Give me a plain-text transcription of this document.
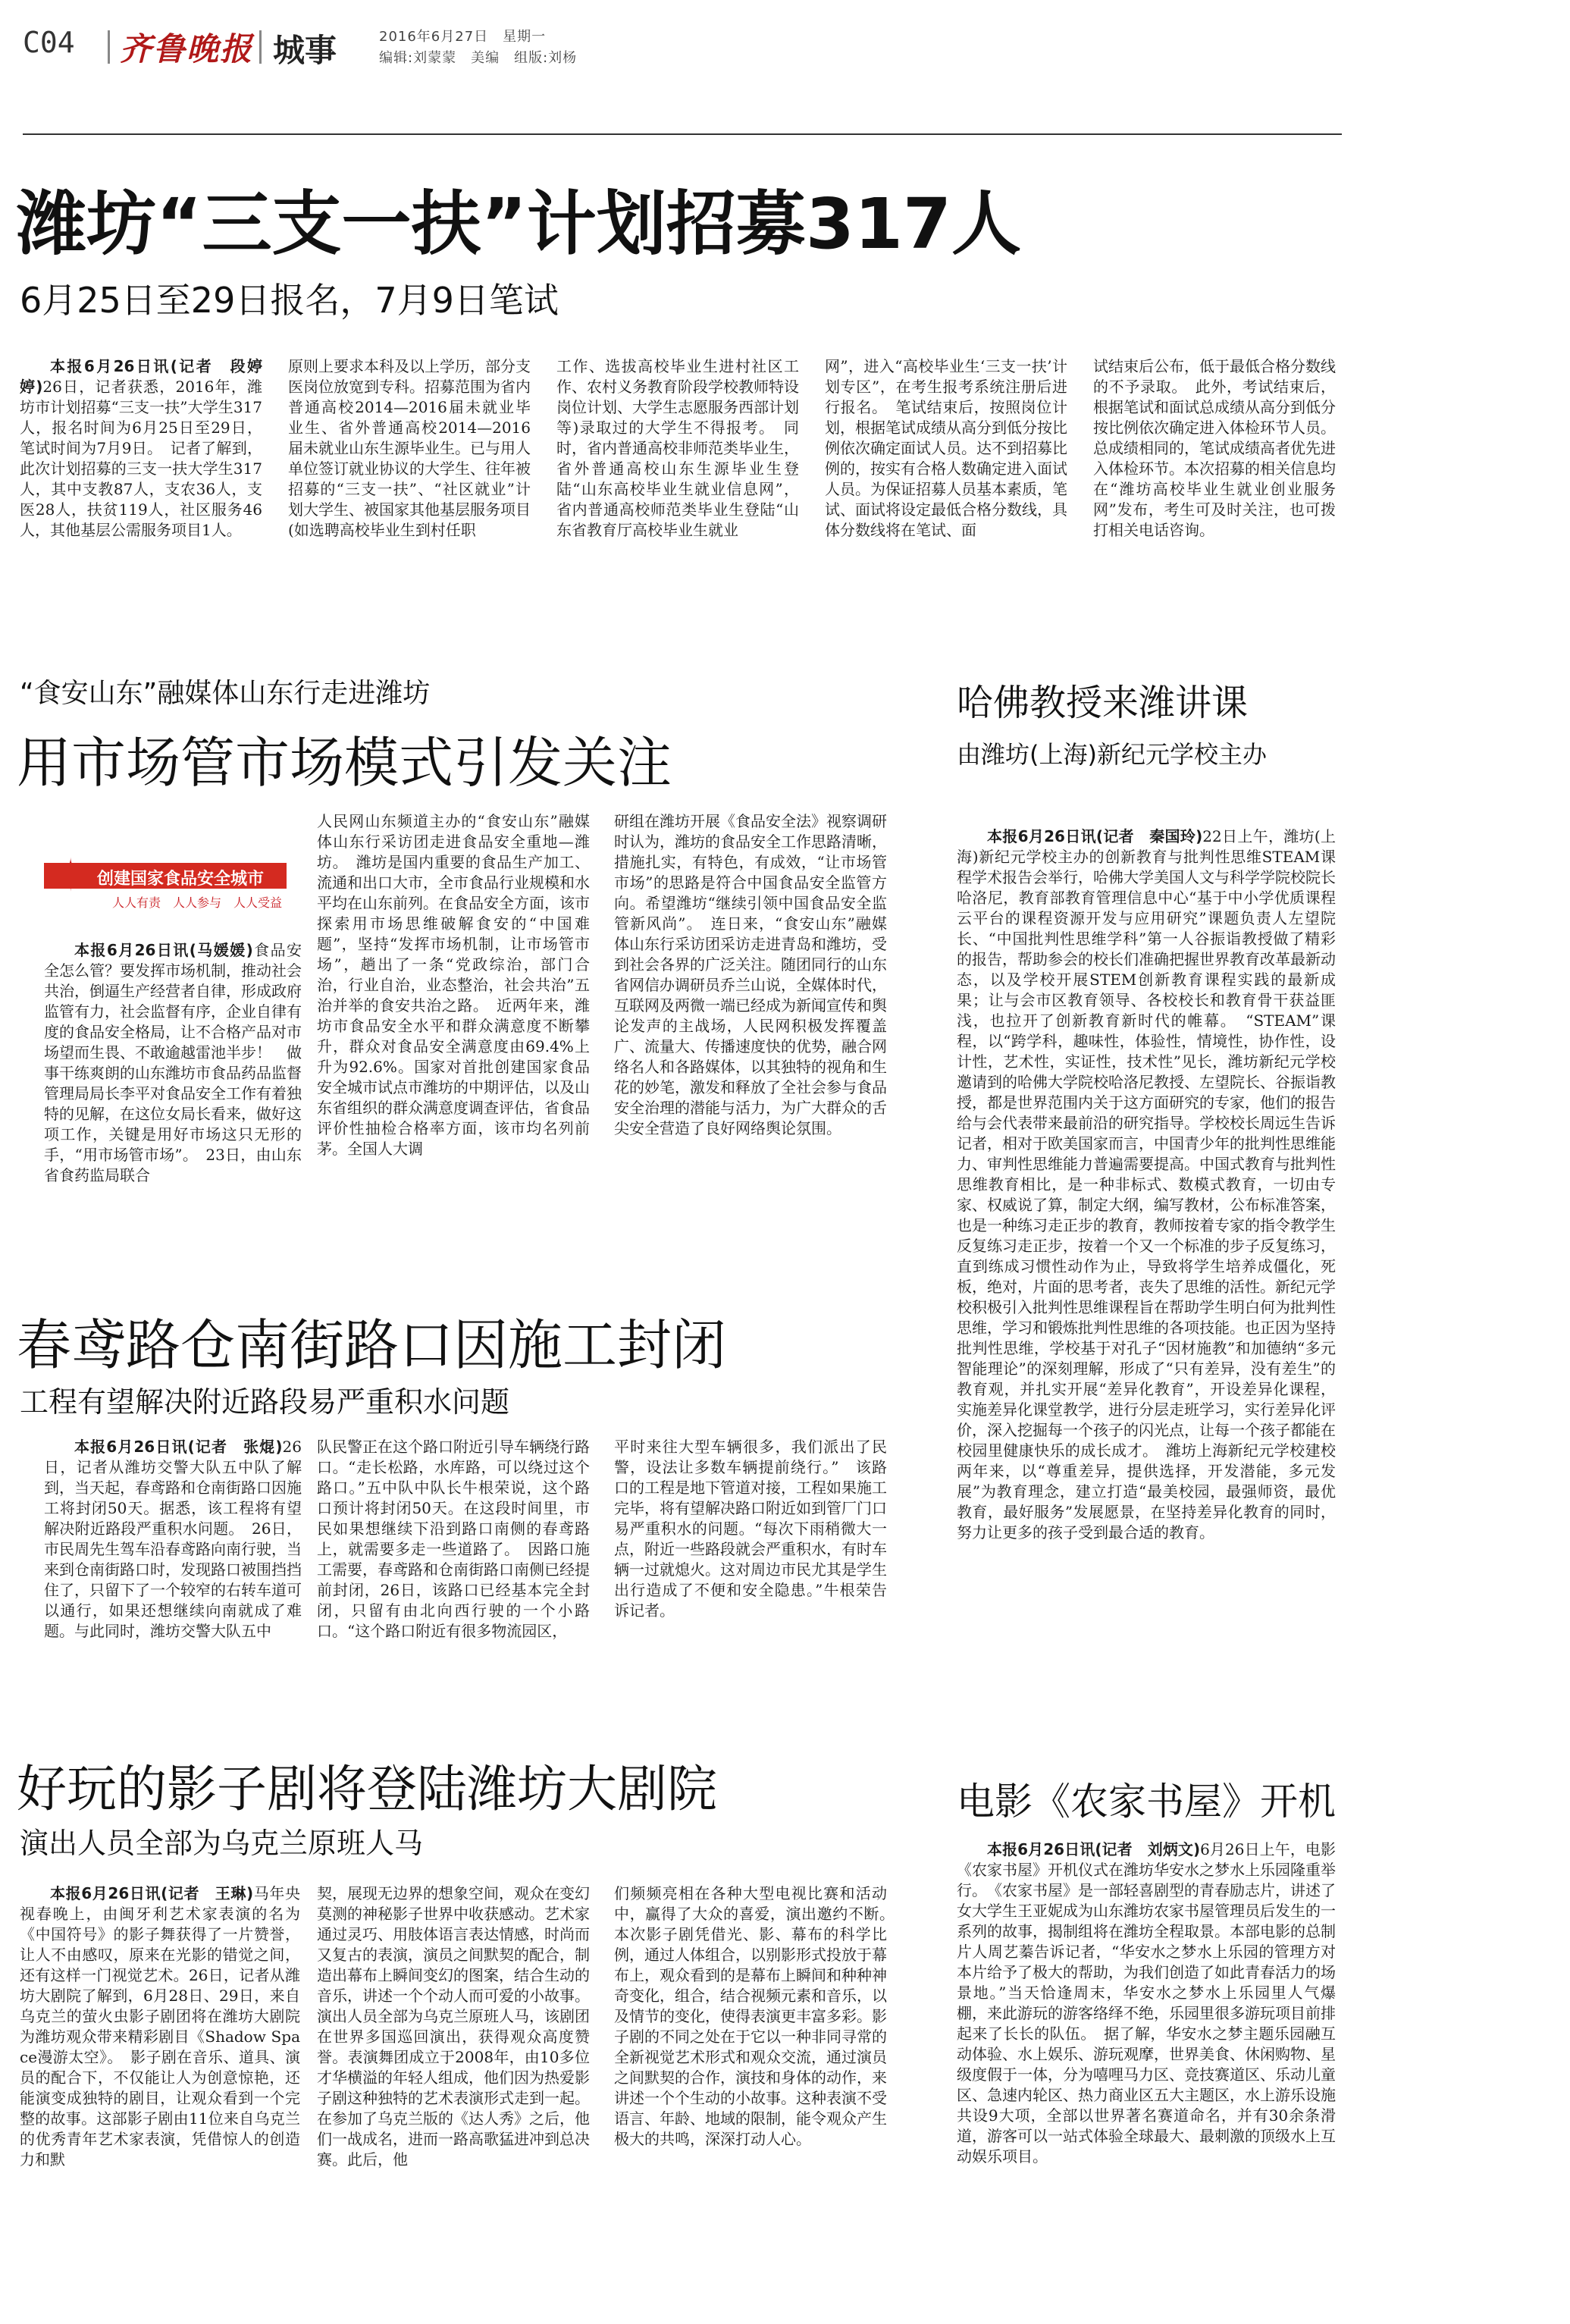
C04 齐鲁晚报 城事	2016年6月27日　星期一
编辑:刘蒙蒙　美编　组版:刘杨
潍坊“三支一扶”计划招募317人
6月25日至29日报名，7月9日笔试

本报6月26日讯(记者　段婷婷)26日，记者获悉，2016年，潍坊市计划招募“三支一扶”大学生317人，报名时间为6月25日至29日，笔试时间为7月9日。　记者了解到，此次计划招募的三支一扶大学生317人，其中支教87人，支农36人，支医28人，扶贫119人，社区服务46人，其他基层公需服务项目1人。

原则上要求本科及以上学历，部分支医岗位放宽到专科。招募范围为省内普通高校2014—2016届未就业毕业生、省外普通高校2014—2016届未就业山东生源毕业生。已与用人单位签订就业协议的大学生、往年被招募的“三支一扶”、“社区就业”计划大学生、被国家其他基层服务项目(如选聘高校毕业生到村任职
工作、选拔高校毕业生进村社区工作、农村义务教育阶段学校教师特设岗位计划、大学生志愿服务西部计划等)录取过的大学生不得报考。　同时，省内普通高校非师范类毕业生，省外普通高校山东生源毕业生登陆“山东高校毕业生就业信息网”，省内普通高校师范类毕业生登陆“山东省教育厅高校毕业生就业
网”，进入“高校毕业生‘三支一扶’计划专区”，在考生报考系统注册后进行报名。　笔试结束后，按照岗位计划，根据笔试成绩从高分到低分按比例依次确定面试人员。达不到招募比例的，按实有合格人数确定进入面试人员。为保证招募人员基本素质，笔试、面试将设定最低合格分数线，具体分数线将在笔试、面
试结束后公布，低于最低合格分数线的不予录取。　此外，考试结束后，根据笔试和面试总成绩从高分到低分按比例依次确定进入体检环节人员。总成绩相同的，笔试成绩高者优先进入体检环节。本次招募的相关信息均在“潍坊高校毕业生就业创业服务网”发布，考生可及时关注，也可拨打相关电话咨询。
“食安山东”融媒体山东行走进潍坊
用市场管市场模式引发关注
创建国家食品安全城市
人人有责　人人参与　人人受益

本报6月26日讯(马媛媛)食品安全怎么管？要发挥市场机制，推动社会共治，倒逼生产经营者自律，形成政府监管有力，社会监督有序，企业自律有度的食品安全格局，让不合格产品对市场望而生畏、不敢逾越雷池半步！　做事干练爽朗的山东潍坊市食品药品监督管理局局长李平对食品安全工作有着独特的见解，在这位女局长看来，做好这项工作，关键是用好市场这只无形的手，“用市场管市场”。　23日，由山东省食药监局联合

人民网山东频道主办的“食安山东”融媒体山东行采访团走进食品安全重地—潍坊。　潍坊是国内重要的食品生产加工、流通和出口大市，全市食品行业规模和水平均在山东前列。在食品安全方面，该市探索用市场思维破解食安的“中国难题”，坚持“发挥市场机制，让市场管市场”，趟出了一条“党政综治，部门合治，行业自治，业态整治，社会共治”五治并举的食安共治之路。　近两年来，潍坊市食品安全水平和群众满意度不断攀升，群众对食品安全满意度由69.4%上升为92.6%。国家对首批创建国家食品安全城市试点市潍坊的中期评估，以及山东省组织的群众满意度调查评估，省食品评价性抽检合格率方面，该市均名列前茅。全国人大调
研组在潍坊开展《食品安全法》视察调研时认为，潍坊的食品安全工作思路清晰，措施扎实，有特色，有成效，“让市场管市场”的思路是符合中国食品安全监管方向。希望潍坊“继续引领中国食品安全监管新风尚”。　连日来，“食安山东”融媒体山东行采访团采访走进青岛和潍坊，受到社会各界的广泛关注。随团同行的山东省网信办调研员乔兰山说，全媒体时代，互联网及两微一端已经成为新闻宣传和舆论发声的主战场，人民网积极发挥覆盖广、流量大、传播速度快的优势，融合网络名人和各路媒体，以其独特的视角和生花的妙笔，激发和释放了全社会参与食品安全治理的潜能与活力，为广大群众的舌尖安全营造了良好网络舆论氛围。
春鸢路仓南街路口因施工封闭
工程有望解决附近路段易严重积水问题

本报6月26日讯(记者　张焜)26日，记者从潍坊交警大队五中队了解到，当天起，春鸢路和仓南街路口因施工将封闭50天。据悉，该工程将有望解决附近路段严重积水问题。　26日，市民周先生驾车沿春鸢路向南行驶，当来到仓南街路口时，发现路口被围挡挡住了，只留下了一个较窄的右转车道可以通行，如果还想继续向南就成了难题。与此同时，潍坊交警大队五中

队民警正在这个路口附近引导车辆绕行路口。“走长松路，水库路，可以绕过这个路口。”五中队中队长牛根荣说，这个路口预计将封闭50天。在这段时间里，市民如果想继续下沿到路口南侧的春鸢路上，就需要多走一些道路了。　因路口施工需要，春鸢路和仓南街路口南侧已经提前封闭，26日，该路口已经基本完全封闭，只留有由北向西行驶的一个小路口。“这个路口附近有很多物流园区，
平时来往大型车辆很多，我们派出了民警，设法让多数车辆提前绕行。”　该路口的工程是地下管道对接，工程如果施工完毕，将有望解决路口附近如到管厂门口易严重积水的问题。“每次下雨稍微大一点，附近一些路段就会严重积水，有时车辆一过就熄火。这对周边市民尤其是学生出行造成了不便和安全隐患。”牛根荣告诉记者。
好玩的影子剧将登陆潍坊大剧院
演出人员全部为乌克兰原班人马

本报6月26日讯(记者　王琳)马年央视春晚上，由闽牙利艺术家表演的名为《中国符号》的影子舞获得了一片赞誉，让人不由感叹，原来在光影的错觉之间，还有这样一门视觉艺术。26日，记者从潍坊大剧院了解到，6月28日、29日，来自乌克兰的萤火虫影子剧团将在潍坊大剧院为潍坊观众带来精彩剧目《Shadow Space漫游太空》。　影子剧在音乐、道具、演员的配合下，不仅能让人为创意惊艳，还能演变成独特的剧目，让观众看到一个完整的故事。这部影子剧由11位来自乌克兰的优秀青年艺术家表演，凭借惊人的创造力和默

契，展现无边界的想象空间，观众在变幻莫测的神秘影子世界中收获感动。艺术家通过灵巧、用肢体语言表达情感，时尚而又复古的表演，演员之间默契的配合，制造出幕布上瞬间变幻的图案，结合生动的音乐，讲述一个个动人而可爱的小故事。演出人员全部为乌克兰原班人马，该剧团在世界多国巡回演出，获得观众高度赞誉。表演舞团成立于2008年，由10多位才华横溢的年轻人组成，他们因为热爱影子剧这种独特的艺术表演形式走到一起。在参加了乌克兰版的《达人秀》之后，他们一战成名，进而一路高歌猛进冲到总决赛。此后，他
们频频亮相在各种大型电视比赛和活动中，赢得了大众的喜爱，演出邀约不断。　本次影子剧凭借光、影、幕布的科学比例，通过人体组合，以别影形式投放于幕布上，观众看到的是幕布上瞬间和种种神奇变化，组合，结合视频元素和音乐，以及情节的变化，使得表演更丰富多彩。影子剧的不同之处在于它以一种非同寻常的全新视觉艺术形式和观众交流，通过演员之间默契的合作，演技和身体的动作，来讲述一个个生动的小故事。这种表演不受语言、年龄、地域的限制，能令观众产生极大的共鸣，深深打动人心。
哈佛教授来潍讲课
由潍坊(上海)新纪元学校主办

本报6月26日讯(记者　秦国玲)22日上午，潍坊(上海)新纪元学校主办的创新教育与批判性思维STEAM课程学术报告会举行，哈佛大学美国人文与科学学院校院长哈洛尼，教育部教育管理信息中心“基于中小学优质课程云平台的课程资源开发与应用研究”课题负责人左望院长、“中国批判性思维学科”第一人谷振诣教授做了精彩的报告，帮助参会的校长们准确把握世界教育改革最新动态，以及学校开展STEM创新教育课程实践的最新成果；让与会市区教育领导、各校校长和教育骨干获益匪浅，也拉开了创新教育新时代的帷幕。　“STEAM”课程，以“跨学科，趣味性，体验性，情境性，协作性，设计性，艺术性，实证性，技术性”见长，潍坊新纪元学校邀请到的哈佛大学院校哈洛尼教授、左望院长、谷振诣教授，都是世界范围内关于这方面研究的专家，他们的报告给与会代表带来最前沿的研究指导。学校校长周远生告诉记者，相对于欧美国家而言，中国青少年的批判性思维能力、审判性思维能力普遍需要提高。中国式教育与批判性思维教育相比，是一种非标式、数模式教育，一切由专家、权威说了算，制定大纲，编写教材，公布标准答案，也是一种练习走正步的教育，教师按着专家的指令教学生反复练习走正步，按着一个又一个标准的步子反复练习，直到练成习惯性动作为止，导致将学生培养成僵化，死板，绝对，片面的思考者，丧失了思维的活性。新纪元学校积极引入批判性思维课程旨在帮助学生明白何为批判性思维，学习和锻炼批判性思维的各项技能。也正因为坚持批判性思维，学校基于对孔子“因材施教”和加德纳“多元智能理论”的深刻理解，形成了“只有差异，没有差生”的教育观，并扎实开展“差异化教育”，开设差异化课程，实施差异化课堂教学，进行分层走班学习，实行差异化评价，深入挖掘每一个孩子的闪光点，让每一个孩子都能在校园里健康快乐的成长成才。　潍坊上海新纪元学校建校两年来，以“尊重差异，提供选择，开发潜能，多元发展”为教育理念，建立打造“最美校园，最强师资，最优教育，最好服务”发展愿景，在坚持差异化教育的同时，努力让更多的孩子受到最合适的教育。

电影《农家书屋》开机

本报6月26日讯(记者　刘炳文)6月26日上午，电影《农家书屋》开机仪式在潍坊华安水之梦水上乐园隆重举行。　《农家书屋》是一部轻喜剧型的青春励志片，讲述了女大学生王亚妮成为山东潍坊农家书屋管理员后发生的一系列的故事，揭制组将在潍坊全程取景。本部电影的总制片人周艺蓁告诉记者，“华安水之梦水上乐园的管理方对本片给予了极大的帮助，为我们创造了如此青春活力的场景地。”当天恰逢周末，华安水之梦水上乐园里人气爆棚，来此游玩的游客络绎不绝，乐园里很多游玩项目前排起来了长长的队伍。　据了解，华安水之梦主题乐园融互动体验、水上娱乐、游玩观摩，世界美食、休闲购物、星级度假于一体，分为嘻哩马力区、竞技赛道区、乐动儿童区、急速内轮区、热力商业区五大主题区，水上游乐设施共设9大项，全部以世界著名赛道命名，并有30余条滑道，游客可以一站式体验全球最大、最刺激的顶级水上互动娱乐项目。
